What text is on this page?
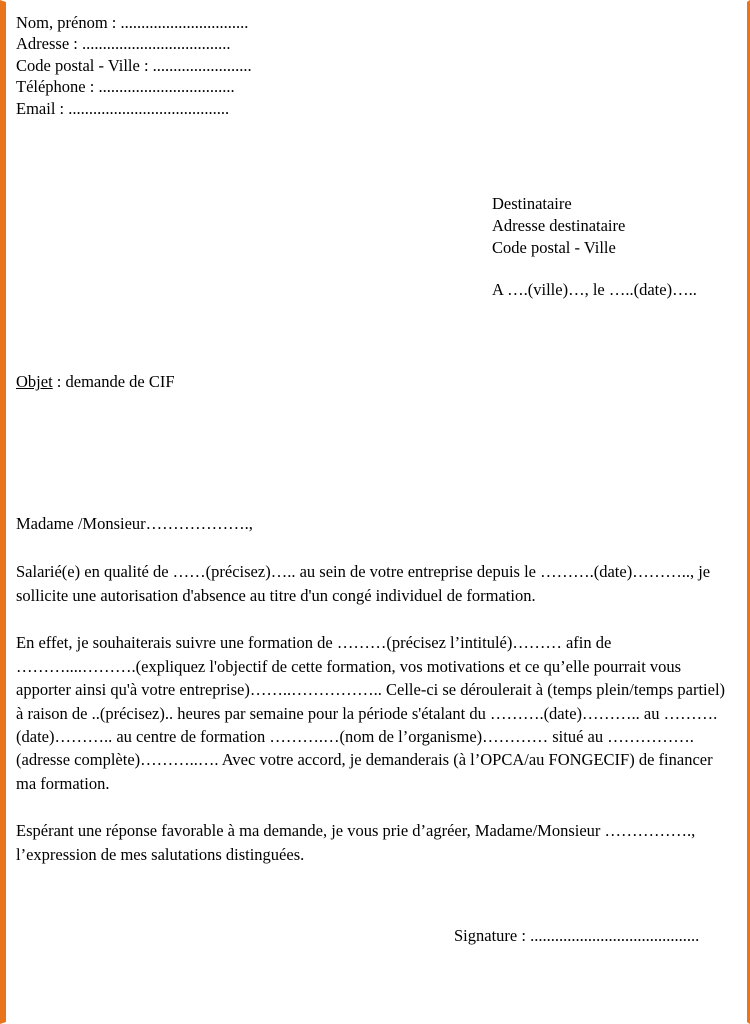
Nom, prénom : ...............................
Adresse : ....................................
Code postal - Ville : ........................
Téléphone : .................................
Email : .......................................
Destinataire
Adresse destinataire
Code postal - Ville
A ….(ville)…, le …..(date)…..
Objet : demande de CIF
Madame /Monsieur……………….,
Salarié(e) en qualité de ……(précisez)….. au sein de votre entreprise depuis le ……….(date)……….., je sollicite une autorisation d'absence au titre d'un congé individuel de formation.
En effet, je souhaiterais suivre une formation de ………(précisez l’intitulé)……… afin de ………....……….(expliquez l'objectif de cette formation, vos motivations et ce qu’elle pourrait vous apporter ainsi qu'à votre entreprise)……..…………….. Celle-ci se déroulerait à (temps plein/temps partiel) à raison de ..(précisez).. heures par semaine pour la période s'étalant du ……….(date)……….. au ……….(date)……….. au centre de formation ……….…(nom de l’organisme)………… situé au …………….(adresse complète)………..…. Avec votre accord, je demanderais (à l’OPCA/au FONGECIF) de financer ma formation.
Espérant une réponse favorable à ma demande, je vous prie d’agréer, Madame/Monsieur ……………., l’expression de mes salutations distinguées.
Signature : .........................................
